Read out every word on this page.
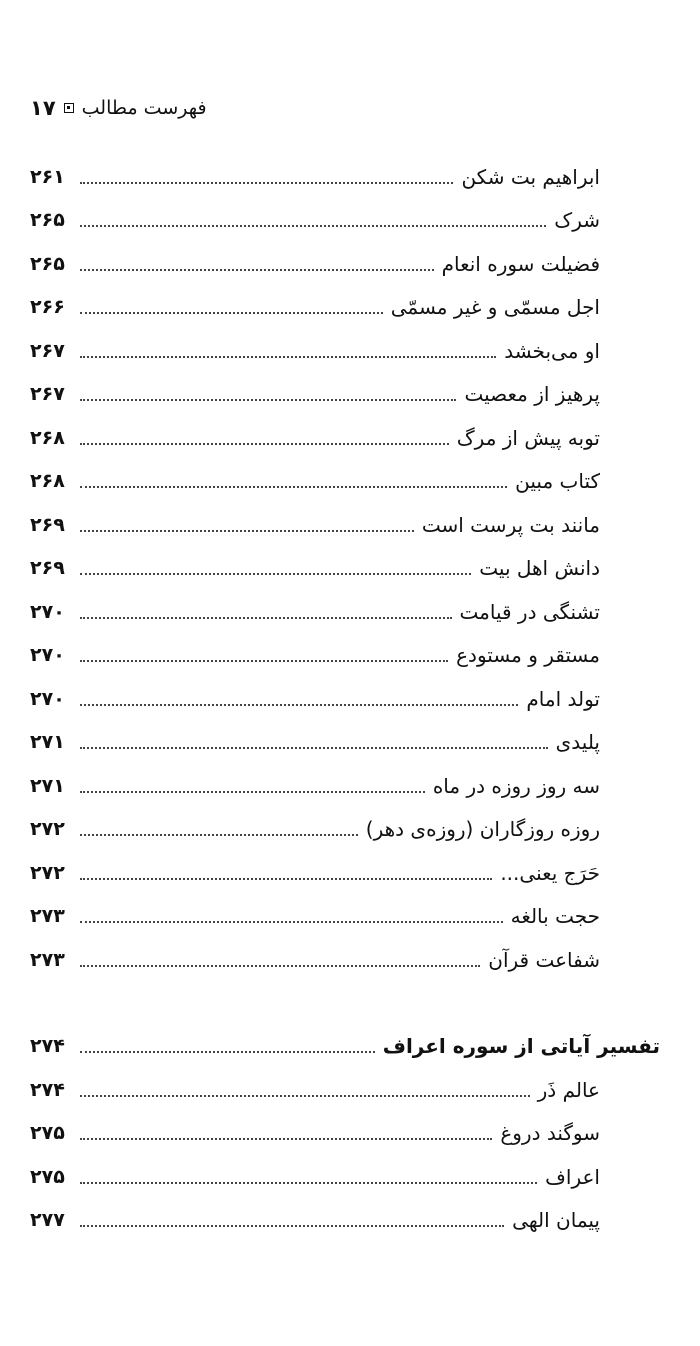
۱۷ فهرست مطالب
ابراهیم بت شکن
۲۶۱
شرک
۲۶۵
فضیلت سوره انعام
۲۶۵
اجل مسمّی و غیر مسمّی
۲۶۶
او می‌بخشد
۲۶۷
پرهیز از معصیت
۲۶۷
توبه پیش از مرگ
۲۶۸
کتاب مبین
۲۶۸
مانند بت پرست است
۲۶۹
دانش اهل بیت
۲۶۹
تشنگی در قیامت
۲۷۰
مستقر و مستودع
۲۷۰
تولد امام
۲۷۰
پلیدی
۲۷۱
سه روز روزه در ماه
۲۷۱
روزه روزگاران (روزه‌ی دهر)
۲۷۲
حَرَج یعنی...
۲۷۲
حجت بالغه
۲۷۳
شفاعت قرآن
۲۷۳
تفسیر آیاتی از سوره اعراف
۲۷۴
عالم ذَر
۲۷۴
سوگند دروغ
۲۷۵
اعراف
۲۷۵
پیمان الهی
۲۷۷
